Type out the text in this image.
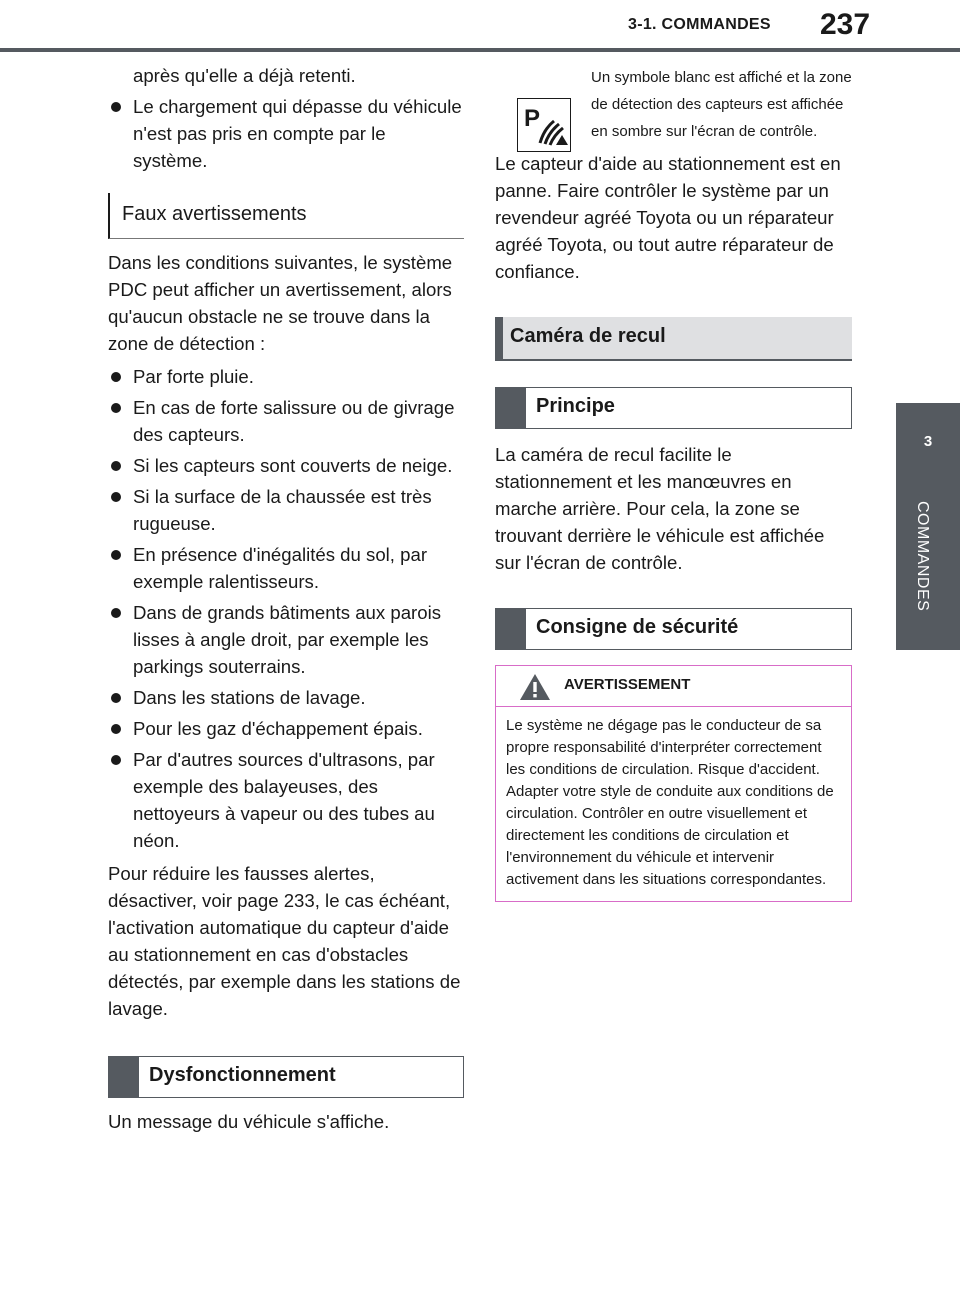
3-1. COMMANDES 237
3
COMMANDES

après qu'elle a déjà retenti.

Le chargement qui dépasse du véhicule n'est pas pris en compte par le système.
Faux avertissements

Dans les conditions suivantes, le système PDC peut afficher un avertissement, alors qu'aucun obstacle ne se trouve dans la zone de détection :

Par forte pluie.
En cas de forte salissure ou de givrage des capteurs.
Si les capteurs sont couverts de neige.
Si la surface de la chaussée est très rugueuse.
En présence d'inégalités du sol, par exemple ralentisseurs.
Dans de grands bâtiments aux parois lisses à angle droit, par exemple les parkings souterrains.
Dans les stations de lavage.
Pour les gaz d'échappement épais.
Par d'autres sources d'ultrasons, par exemple des balayeuses, des nettoyeurs à vapeur ou des tubes au néon.

Pour réduire les fausses alertes, désactiver, voir page 233, le cas échéant, l'activation automatique du capteur d'aide au stationnement en cas d'obstacles détectés, par exemple dans les stations de lavage.

Dysfonctionnement

Un message du véhicule s'affiche.

P

Un symbole blanc est affiché et la zone de détection des capteurs est affichée en sombre sur l'écran de contrôle.

Le capteur d'aide au stationnement est en panne. Faire contrôler le système par un revendeur agréé Toyota ou un réparateur agréé Toyota, ou tout autre réparateur de confiance.

Caméra de recul
Principe

La caméra de recul facilite le stationnement et les manœuvres en marche arrière. Pour cela, la zone se trouvant derrière le véhicule est affichée sur l'écran de contrôle.

Consigne de sécurité
AVERTISSEMENT
Le système ne dégage pas le conducteur de sa propre responsabilité d'interpréter correctement les conditions de circulation. Risque d'accident. Adapter votre style de conduite aux conditions de circulation. Contrôler en outre visuellement et directement les conditions de circulation et l'environnement du véhicule et intervenir activement dans les situations correspondantes.
